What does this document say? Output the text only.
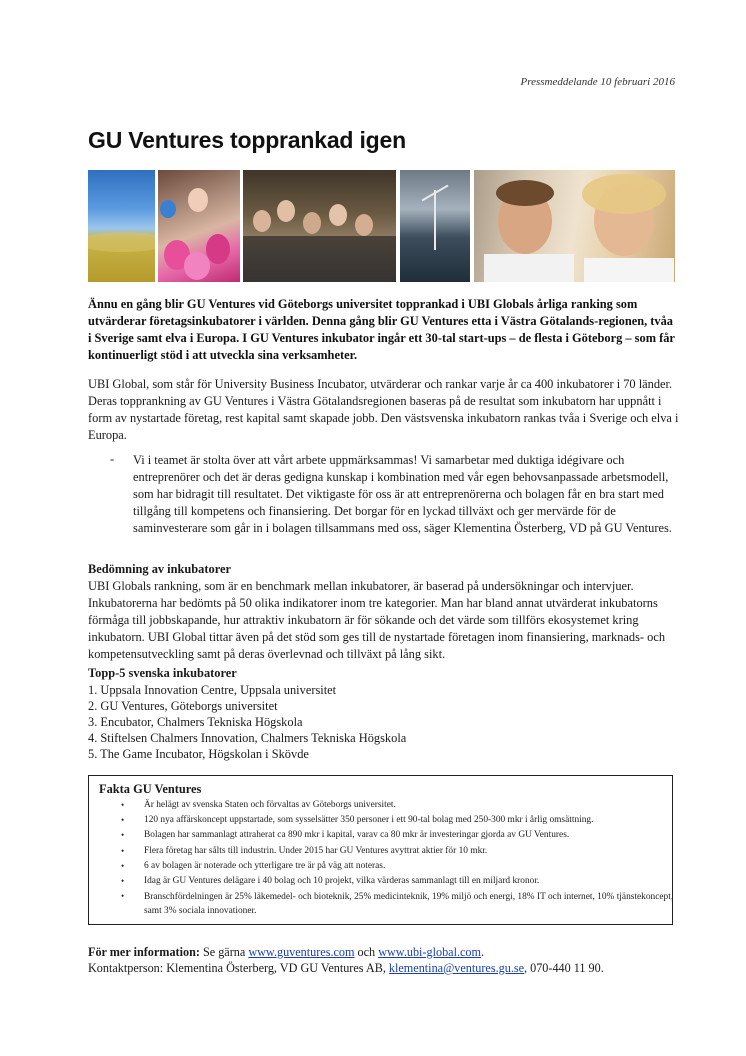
Pressmeddelande 10 februari 2016
GU Ventures topprankad igen
Ännu en gång blir GU Ventures vid Göteborgs universitet topprankad i UBI Globals årliga ranking som utvärderar företagsinkubatorer i världen. Denna gång blir GU Ventures etta i Västra Götalands-regionen, tvåa i Sverige samt elva i Europa. I GU Ventures inkubator ingår ett 30-tal start-ups – de flesta i Göteborg – som får kontinuerligt stöd i att utveckla sina verksamheter.
UBI Global, som står för University Business Incubator, utvärderar och rankar varje år ca 400 inkubatorer i 70 länder. Deras topprankning av GU Ventures i Västra Götalandsregionen baseras på de resultat som inkubatorn har uppnått i form av nystartade företag, rest kapital samt skapade jobb. Den västsvenska inkubatorn rankas tvåa i Sverige och elva i Europa.
- Vi i teamet är stolta över att vårt arbete uppmärksammas! Vi samarbetar med duktiga idégivare och entreprenörer och det är deras gedigna kunskap i kombination med vår egen behovsanpassade arbetsmodell, som har bidragit till resultatet. Det viktigaste för oss är att entreprenörerna och bolagen får en bra start med tillgång till kompetens och finansiering. Det borgar för en lyckad tillväxt och ger mervärde för de saminvesterare som går in i bolagen tillsammans med oss, säger Klementina Österberg, VD på GU Ventures.
Bedömning av inkubatorer
UBI Globals rankning, som är en benchmark mellan inkubatorer, är baserad på undersökningar och intervjuer. Inkubatorerna har bedömts på 50 olika indikatorer inom tre kategorier. Man har bland annat utvärderat inkubatorns förmåga till jobbskapande, hur attraktiv inkubatorn är för sökande och det värde som tillförs ekosystemet kring inkubatorn. UBI Global tittar även på det stöd som ges till de nystartade företagen inom finansiering, marknads- och kompetensutveckling samt på deras överlevnad och tillväxt på lång sikt.
Topp-5 svenska inkubatorer
1. Uppsala Innovation Centre, Uppsala universitet
2. GU Ventures, Göteborgs universitet
3. Encubator, Chalmers Tekniska Högskola
4. Stiftelsen Chalmers Innovation, Chalmers Tekniska Högskola
5. The Game Incubator, Högskolan i Skövde
Fakta GU Ventures
• Är helägt av svenska Staten och förvaltas av Göteborgs universitet.
• 120 nya affärskoncept uppstartade, som sysselsätter 350 personer i ett 90-tal bolag med 250-300 mkr i årlig omsättning.
• Bolagen har sammanlagt attraherat ca 890 mkr i kapital, varav ca 80 mkr är investeringar gjorda av GU Ventures.
• Flera företag har sålts till industrin. Under 2015 har GU Ventures avyttrat aktier för 10 mkr.
• 6 av bolagen är noterade och ytterligare tre är på väg att noteras.
• Idag är GU Ventures delägare i 40 bolag och 10 projekt, vilka värderas sammanlagt till en miljard kronor.
• Branschfördelningen är 25% läkemedel- och bioteknik, 25% medicinteknik, 19% miljö och energi, 18% IT och internet, 10% tjänstekoncept, samt 3% sociala innovationer.
För mer information: Se gärna www.guventures.com och www.ubi-global.com.
Kontaktperson: Klementina Österberg, VD GU Ventures AB, klementina@ventures.gu.se, 070-440 11 90.
